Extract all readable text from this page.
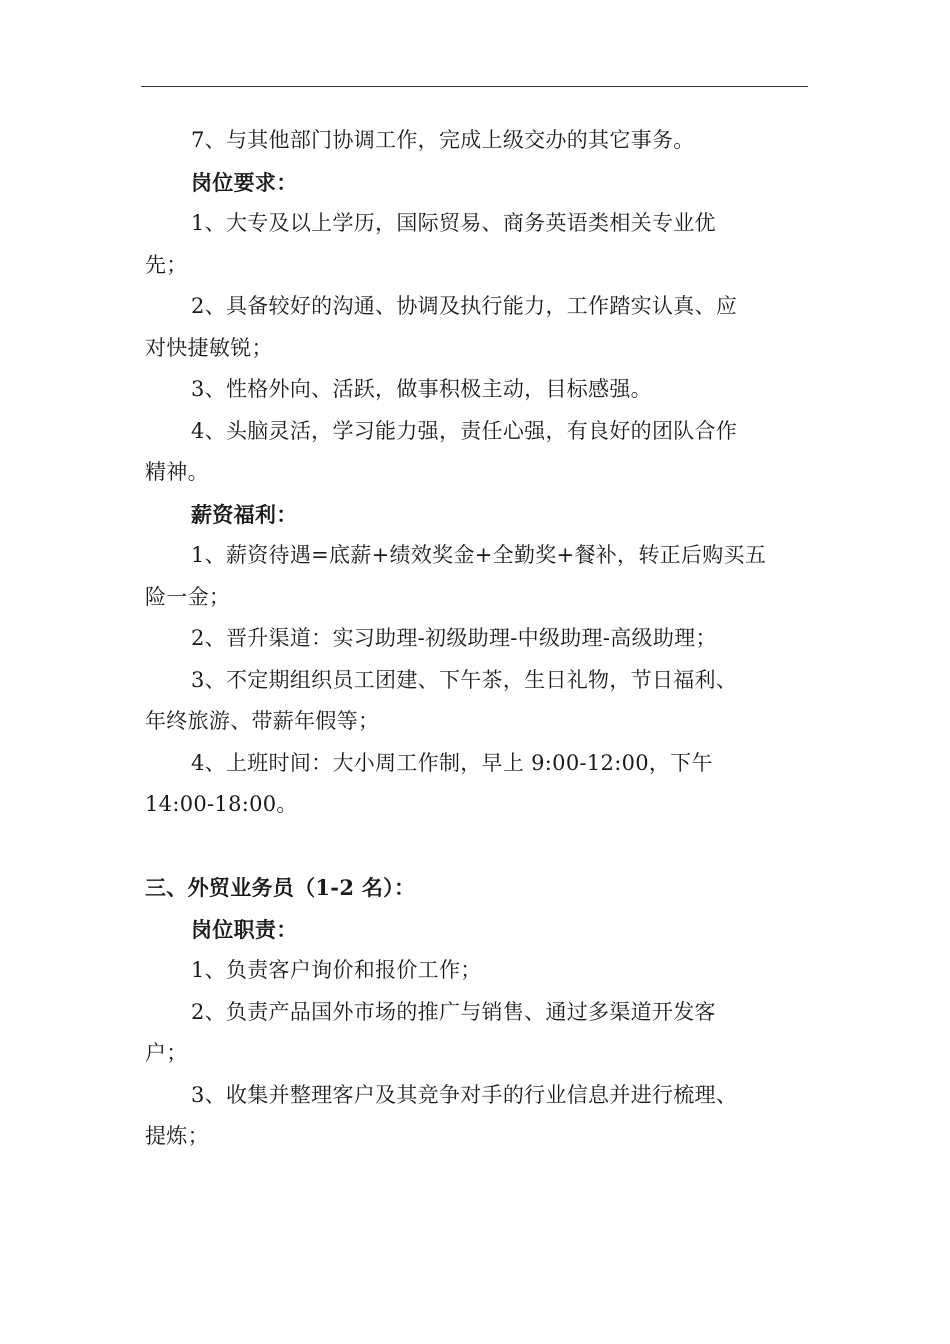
7、与其他部门协调工作，完成上级交办的其它事务。
岗位要求：
1、大专及以上学历，国际贸易、商务英语类相关专业优
先；
2、具备较好的沟通、协调及执行能力，工作踏实认真、应
对快捷敏锐；
3、性格外向、活跃，做事积极主动，目标感强。
4、头脑灵活，学习能力强，责任心强，有良好的团队合作
精神。
薪资福利：
1、薪资待遇=底薪+绩效奖金+全勤奖+餐补，转正后购买五
险一金；
2、晋升渠道：实习助理-初级助理-中级助理-高级助理；
3、不定期组织员工团建、下午茶，生日礼物，节日福利、
年终旅游、带薪年假等；
4、上班时间：大小周工作制，早上 9:00-12:00，下午
14:00-18:00。
三、外贸业务员（1-2 名）：
岗位职责：
1、负责客户询价和报价工作；
2、负责产品国外市场的推广与销售、通过多渠道开发客
户；
3、收集并整理客户及其竞争对手的行业信息并进行梳理、
提炼；
